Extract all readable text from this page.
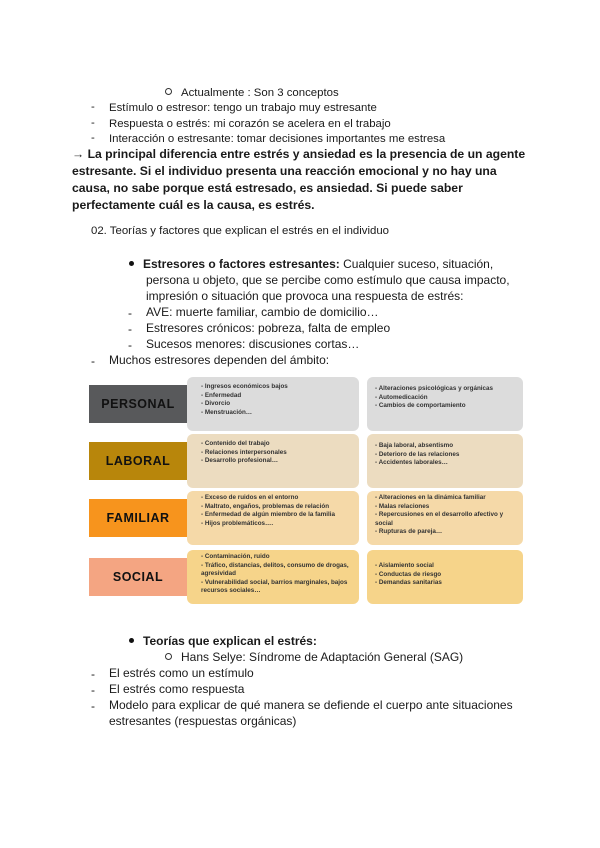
Actualmente : Son 3 conceptos
- Estímulo o estresor: tengo un trabajo muy estresante
- Respuesta o estrés: mi corazón se acelera en el trabajo
- Interacción o estresante: tomar decisiones importantes me estresa
→ La principal diferencia entre estrés y ansiedad es la presencia de un agente
estresante. Si el individuo presenta una reacción emocional y no hay una
causa, no sabe porque está estresado, es ansiedad. Si puede saber
perfectamente cuál es la causa, es estrés.
02. Teorías y factores que explican el estrés en el individuo
Estresores o factores estresantes: Cualquier suceso, situación,
persona u objeto, que se percibe como estímulo que causa impacto,
impresión o situación que provoca una respuesta de estrés:
- AVE: muerte familiar, cambio de domicilio…
- Estresores crónicos: pobreza, falta de empleo
- Sucesos menores: discusiones cortas…
- Muchos estresores dependen del ámbito:
PERSONAL
- Ingresos económicos bajos
- Enfermedad
- Divorcio
- Menstruación…
- Alteraciones psicológicas y orgánicas
- Automedicación
- Cambios de comportamiento
LABORAL
- Contenido del trabajo
- Relaciones interpersonales
- Desarrollo profesional…
- Baja laboral, absentismo
- Deterioro de las relaciones
- Accidentes laborales…
FAMILIAR
- Exceso de ruidos en el entorno
- Maltrato, engaños, problemas de relación
- Enfermedad de algún miembro de la familia
- Hijos problemáticos….
- Alteraciones en la dinámica familiar
- Malas relaciones
- Repercusiones en el desarrollo afectivo y social
- Rupturas de pareja…
SOCIAL
- Contaminación, ruido
- Tráfico, distancias, delitos, consumo de drogas, agresividad
- Vulnerabilidad social, barrios marginales, bajos recursos sociales…
- Aislamiento social
- Conductas de riesgo
- Demandas sanitarias
Teorías que explican el estrés:
Hans Selye: Síndrome de Adaptación General (SAG)
- El estrés como un estímulo
- El estrés como respuesta
- Modelo para explicar de qué manera se defiende el cuerpo ante situaciones
estresantes (respuestas orgánicas)
